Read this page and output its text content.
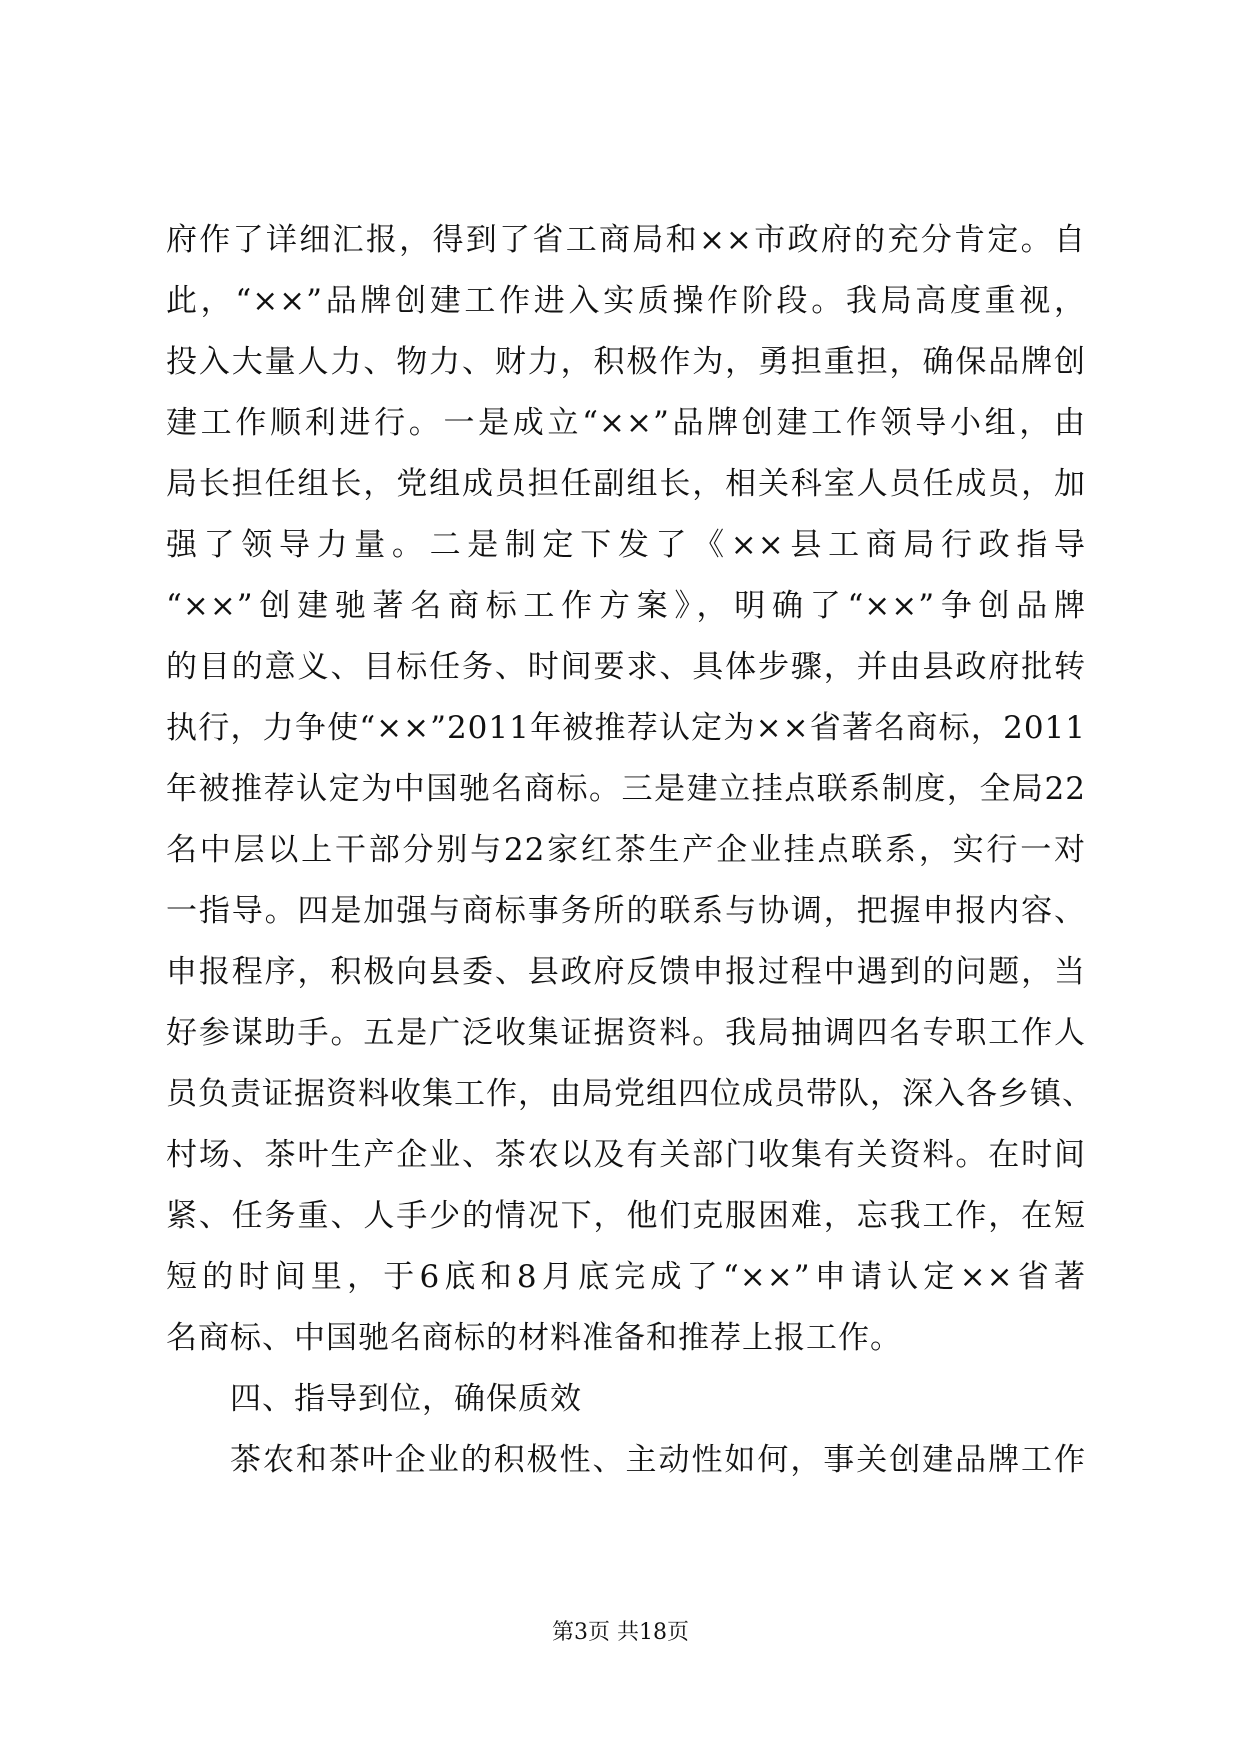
府作了详细汇报，得到了省工商局和××市政府的充分肯定。自
此，“××”品牌创建工作进入实质操作阶段。我局高度重视，
投入大量人力、物力、财力，积极作为，勇担重担，确保品牌创
建工作顺利进行。一是成立“××”品牌创建工作领导小组，由
局长担任组长，党组成员担任副组长，相关科室人员任成员，加
强了领导力量。二是制定下发了《××县工商局行政指导
“××”创建驰著名商标工作方案》，明确了“××”争创品牌
的目的意义、目标任务、时间要求、具体步骤，并由县政府批转
执行，力争使“××”2011年被推荐认定为××省著名商标，2011
年被推荐认定为中国驰名商标。三是建立挂点联系制度，全局22
名中层以上干部分别与22家红茶生产企业挂点联系，实行一对
一指导。四是加强与商标事务所的联系与协调，把握申报内容、
申报程序，积极向县委、县政府反馈申报过程中遇到的问题，当
好参谋助手。五是广泛收集证据资料。我局抽调四名专职工作人
员负责证据资料收集工作，由局党组四位成员带队，深入各乡镇、
村场、茶叶生产企业、茶农以及有关部门收集有关资料。在时间
紧、任务重、人手少的情况下，他们克服困难，忘我工作，在短
短的时间里，于6底和8月底完成了“××”申请认定××省著
名商标、中国驰名商标的材料准备和推荐上报工作。
四、指导到位，确保质效
茶农和茶叶企业的积极性、主动性如何，事关创建品牌工作
第3页 共18页
